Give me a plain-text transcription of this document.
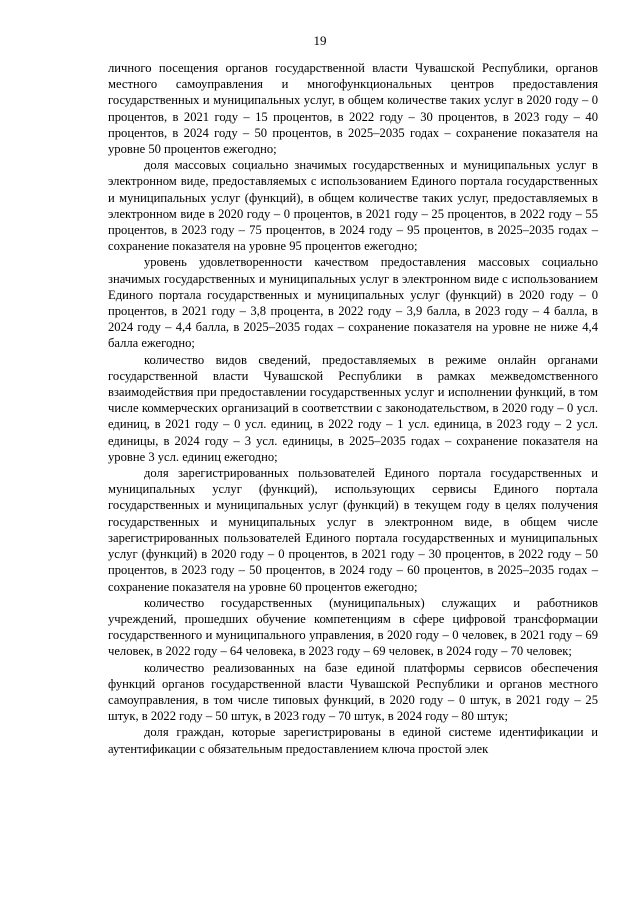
19

личного посещения органов государственной власти Чувашской Республики, органов местного самоуправления и многофункциональных центров предоставления государственных и муниципальных услуг, в общем количестве таких услуг в 2020 году – 0 процентов, в 2021 году – 15 процентов, в 2022 году – 30 процентов, в 2023 году – 40 процентов, в 2024 году – 50 процентов, в 2025–2035 годах – сохранение показателя на уровне 50 процентов ежегодно;

доля массовых социально значимых государственных и муниципальных услуг в электронном виде, предоставляемых с использованием Единого портала государственных и муниципальных услуг (функций), в общем количестве таких услуг, предоставляемых в электронном виде в 2020 году – 0 процентов, в 2021 году – 25 процентов, в 2022 году – 55 процентов, в 2023 году – 75 процентов, в 2024 году – 95 процентов, в 2025–2035 годах – сохранение показателя на уровне 95 процентов ежегодно;

уровень удовлетворенности качеством предоставления массовых социально значимых государственных и муниципальных услуг в электронном виде с использованием Единого портала государственных и муниципальных услуг (функций) в 2020 году – 0 процентов, в 2021 году – 3,8 процента, в 2022 году – 3,9 балла, в 2023 году – 4 балла, в 2024 году – 4,4 балла, в 2025–2035 годах – сохранение показателя на уровне не ниже 4,4 балла ежегодно;

количество видов сведений, предоставляемых в режиме онлайн органами государственной власти Чувашской Республики в рамках межведомственного взаимодействия при предоставлении государственных услуг и исполнении функций, в том числе коммерческих организаций в соответствии с законодательством, в 2020 году – 0 усл. единиц, в 2021 году – 0 усл. единиц, в 2022 году – 1 усл. единица, в 2023 году – 2 усл. единицы, в 2024 году – 3 усл. единицы, в 2025–2035 годах – сохранение показателя на уровне 3 усл. единиц ежегодно;

доля зарегистрированных пользователей Единого портала государственных и муниципальных услуг (функций), использующих сервисы Единого портала государственных и муниципальных услуг (функций) в текущем году в целях получения государственных и муниципальных услуг в электронном виде, в общем числе зарегистрированных пользователей Единого портала государственных и муниципальных услуг (функций) в 2020 году – 0 процентов, в 2021 году – 30 процентов, в 2022 году – 50 процентов, в 2023 году – 50 процентов, в 2024 году – 60 процентов, в 2025–2035 годах – сохранение показателя на уровне 60 процентов ежегодно;

количество государственных (муниципальных) служащих и работников учреждений, прошедших обучение компетенциям в сфере цифровой трансформации государственного и муниципального управления, в 2020 году – 0 человек, в 2021 году – 69 человек, в 2022 году – 64 человека, в 2023 году – 69 человек, в 2024 году – 70 человек;

количество реализованных на базе единой платформы сервисов обеспечения функций органов государственной власти Чувашской Республики и органов местного самоуправления, в том числе типовых функций, в 2020 году – 0 штук, в 2021 году – 25 штук, в 2022 году – 50 штук, в 2023 году – 70 штук, в 2024 году – 80 штук;

доля граждан, которые зарегистрированы в единой системе идентификации и аутентификации с обязательным предоставлением ключа простой элек
